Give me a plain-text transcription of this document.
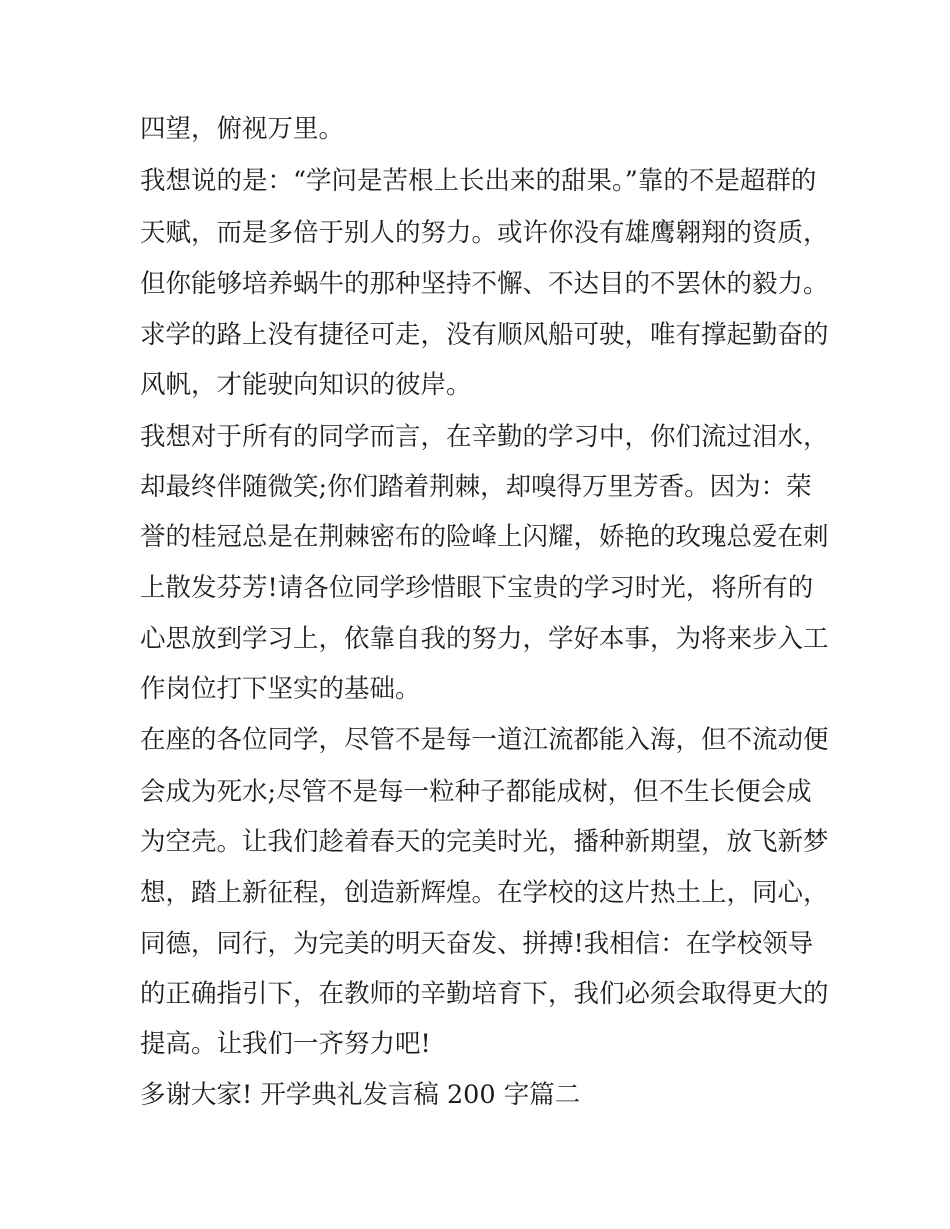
四望，俯视万里。
我想说的是：“学问是苦根上长出来的甜果。”靠的不是超群的
天赋，而是多倍于别人的努力。或许你没有雄鹰翱翔的资质，
但你能够培养蜗牛的那种坚持不懈、不达目的不罢休的毅力。
求学的路上没有捷径可走，没有顺风船可驶，唯有撑起勤奋的
风帆，才能驶向知识的彼岸。
我想对于所有的同学而言，在辛勤的学习中，你们流过泪水，
却最终伴随微笑;你们踏着荆棘，却嗅得万里芳香。因为：荣
誉的桂冠总是在荆棘密布的险峰上闪耀，娇艳的玫瑰总爱在刺
上散发芬芳!请各位同学珍惜眼下宝贵的学习时光，将所有的
心思放到学习上，依靠自我的努力，学好本事，为将来步入工
作岗位打下坚实的基础。
在座的各位同学，尽管不是每一道江流都能入海，但不流动便
会成为死水;尽管不是每一粒种子都能成树，但不生长便会成
为空壳。让我们趁着春天的完美时光，播种新期望，放飞新梦
想，踏上新征程，创造新辉煌。在学校的这片热土上，同心，
同德，同行，为完美的明天奋发、拼搏!我相信：在学校领导
的正确指引下，在教师的辛勤培育下，我们必须会取得更大的
提高。让我们一齐努力吧!
多谢大家! 开学典礼发言稿 200 字篇二
